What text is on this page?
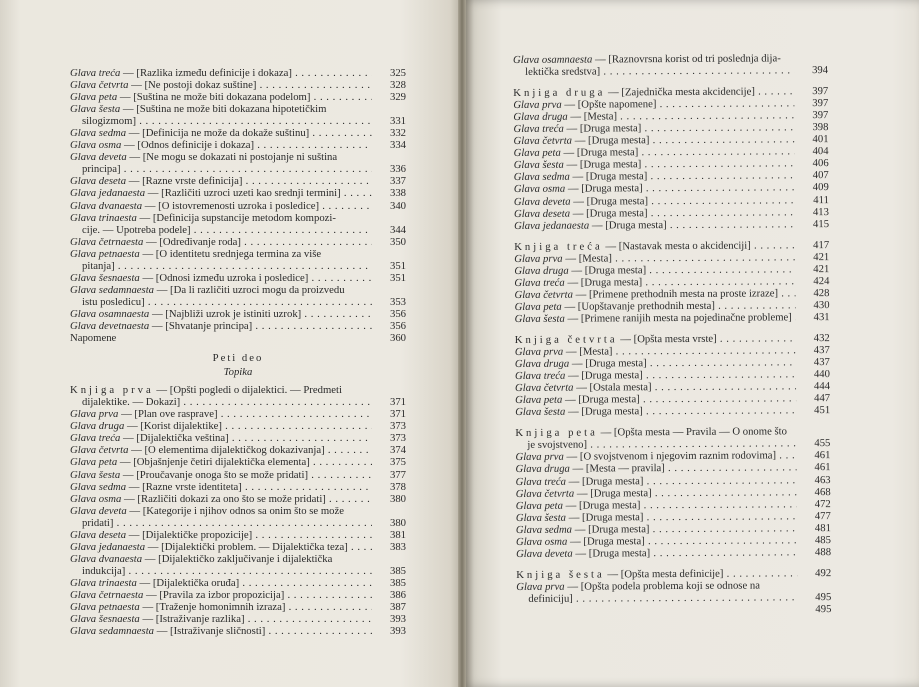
Glava treća — [Razlika između definicije i dokaza] . . .	325
Glava četvrta — [Ne postoji dokaz suštine] . . .	328
Glava peta — [Suština ne može biti dokazana podelom] . . .	329
Glava šesta — [Suština ne može biti dokazana hipotetičkim
silogizmom] . . .	331
Glava sedma — [Definicija ne može da dokaže suštinu] . . .	332
Glava osma — [Odnos definicije i dokaza] . . .	334
Glava deveta — [Ne mogu se dokazati ni postojanje ni suština
principa] . . .	336
Glava deseta — [Razne vrste definicija] . . .	337
Glava jedanaesta — [Različiti uzroci uzeti kao srednji termini] . . .	338
Glava dvanaesta — [O istovremenosti uzroka i posledice] . . .	340
Glava trinaesta — [Definicija supstancije metodom kompozi-
cije. — Upotreba podele] . . .	344
Glava četrnaesta — [Određivanje roda] . . .	350
Glava petnaesta — [O identitetu srednjega termina za više
pitanja] . . .	351
Glava šesnaesta — [Odnosi između uzroka i posledice] . . .	351
Glava sedamnaesta — [Da li različiti uzroci mogu da proizvedu
istu posledicu] . . .	353
Glava osamnaesta — [Najbliži uzrok je istiniti uzrok] . . .	356
Glava devetnaesta — [Shvatanje principa] . . .	356
Napomene	360
Peti deo
Topika
Knjiga prva — [Opšti pogledi o dijalektici. — Predmeti
dijalektike. — Dokazi] . . .	371
Glava prva — [Plan ove rasprave] . . .	371
Glava druga — [Korist dijalektike] . . .	373
Glava treća — [Dijalektička veština] . . .	373
Glava četvrta — [O elementima dijalektičkog dokazivanja] . . .	374
Glava peta — [Objašnjenje četiri dijalektička elementa] . . .	375
Glava šesta — [Proučavanje onoga što se može pridati] . . .	377
Glava sedma — [Razne vrste identiteta] . . .	378
Glava osma — [Različiti dokazi za ono što se može pridati] . . .	380
Glava deveta — [Kategorije i njihov odnos sa onim što se može
pridati] . . .	380
Glava deseta — [Dijalektičke propozicije] . . .	381
Glava jedanaesta — [Dijalektički problem. — Dijalektička teza] . . .	383
Glava dvanaesta — [Dijalektičko zaključivanje i dijalektička
indukcija] . . .	385
Glava trinaesta — [Dijalektička oruđa] . . .	385
Glava četrnaesta — [Pravila za izbor propozicija] . . .	386
Glava petnaesta — [Traženje homonimnih izraza] . . .	387
Glava šesnaesta — [Istraživanje razlika] . . .	393
Glava sedamnaesta — [Istraživanje sličnosti] . . .	393
Glava osamnaesta — [Raznovrsna korist od tri poslednja dija-
lektička sredstva] . . .	394
Knjiga druga — [Zajednička mesta akcidencije] . . .	397
Glava prva — [Opšte napomene] . . .	397
Glava druga — [Mesta] . . .	397
Glava treća — [Druga mesta] . . .	398
Glava četvrta — [Druga mesta] . . .	401
Glava peta — [Druga mesta] . . .	404
Glava šesta — [Druga mesta] . . .	406
Glava sedma — [Druga mesta] . . .	407
Glava osma — [Druga mesta] . . .	409
Glava deveta — [Druga mesta] . . .	411
Glava deseta — [Druga mesta] . . .	413
Glava jedanaesta — [Druga mesta] . . .	415
Knjiga treća — [Nastavak mesta o akcidenciji] . . .	417
Glava prva — [Mesta] . . .	421
Glava druga — [Druga mesta] . . .	421
Glava treća — [Druga mesta] . . .	424
Glava četvrta — [Primene prethodnih mesta na proste izraze] . . .	428
Glava peta — [Uopštavanje prethodnih mesta] . . .	430
Glava šesta — [Primene ranijih mesta na pojedinačne probleme] . . .	431
Knjiga četvrta — [Opšta mesta vrste] . . .	432
Glava prva — [Mesta] . . .	437
Glava druga — [Druga mesta] . . .	437
Glava treća — [Druga mesta] . . .	440
Glava četvrta — [Ostala mesta] . . .	444
Glava peta — [Druga mesta] . . .	447
Glava šesta — [Druga mesta] . . .	451
Knjiga peta — [Opšta mesta — Pravila — O onome što
je svojstveno] . . .	455
Glava prva — [O svojstvenom i njegovim raznim rodovima] . . .	461
Glava druga — [Mesta — pravila] . . .	461
Glava treća — [Druga mesta] . . .	463
Glava četvrta — [Druga mesta] . . .	468
Glava peta — [Druga mesta] . . .	472
Glava šesta — [Druga mesta] . . .	477
Glava sedma — [Druga mesta] . . .	481
Glava osma — [Druga mesta] . . .	485
Glava deveta — [Druga mesta] . . .	488
Knjiga šesta — [Opšta mesta definicije] . . .	492
Glava prva — [Opšta podela problema koji se odnose na
definiciju] . . .	495
495
